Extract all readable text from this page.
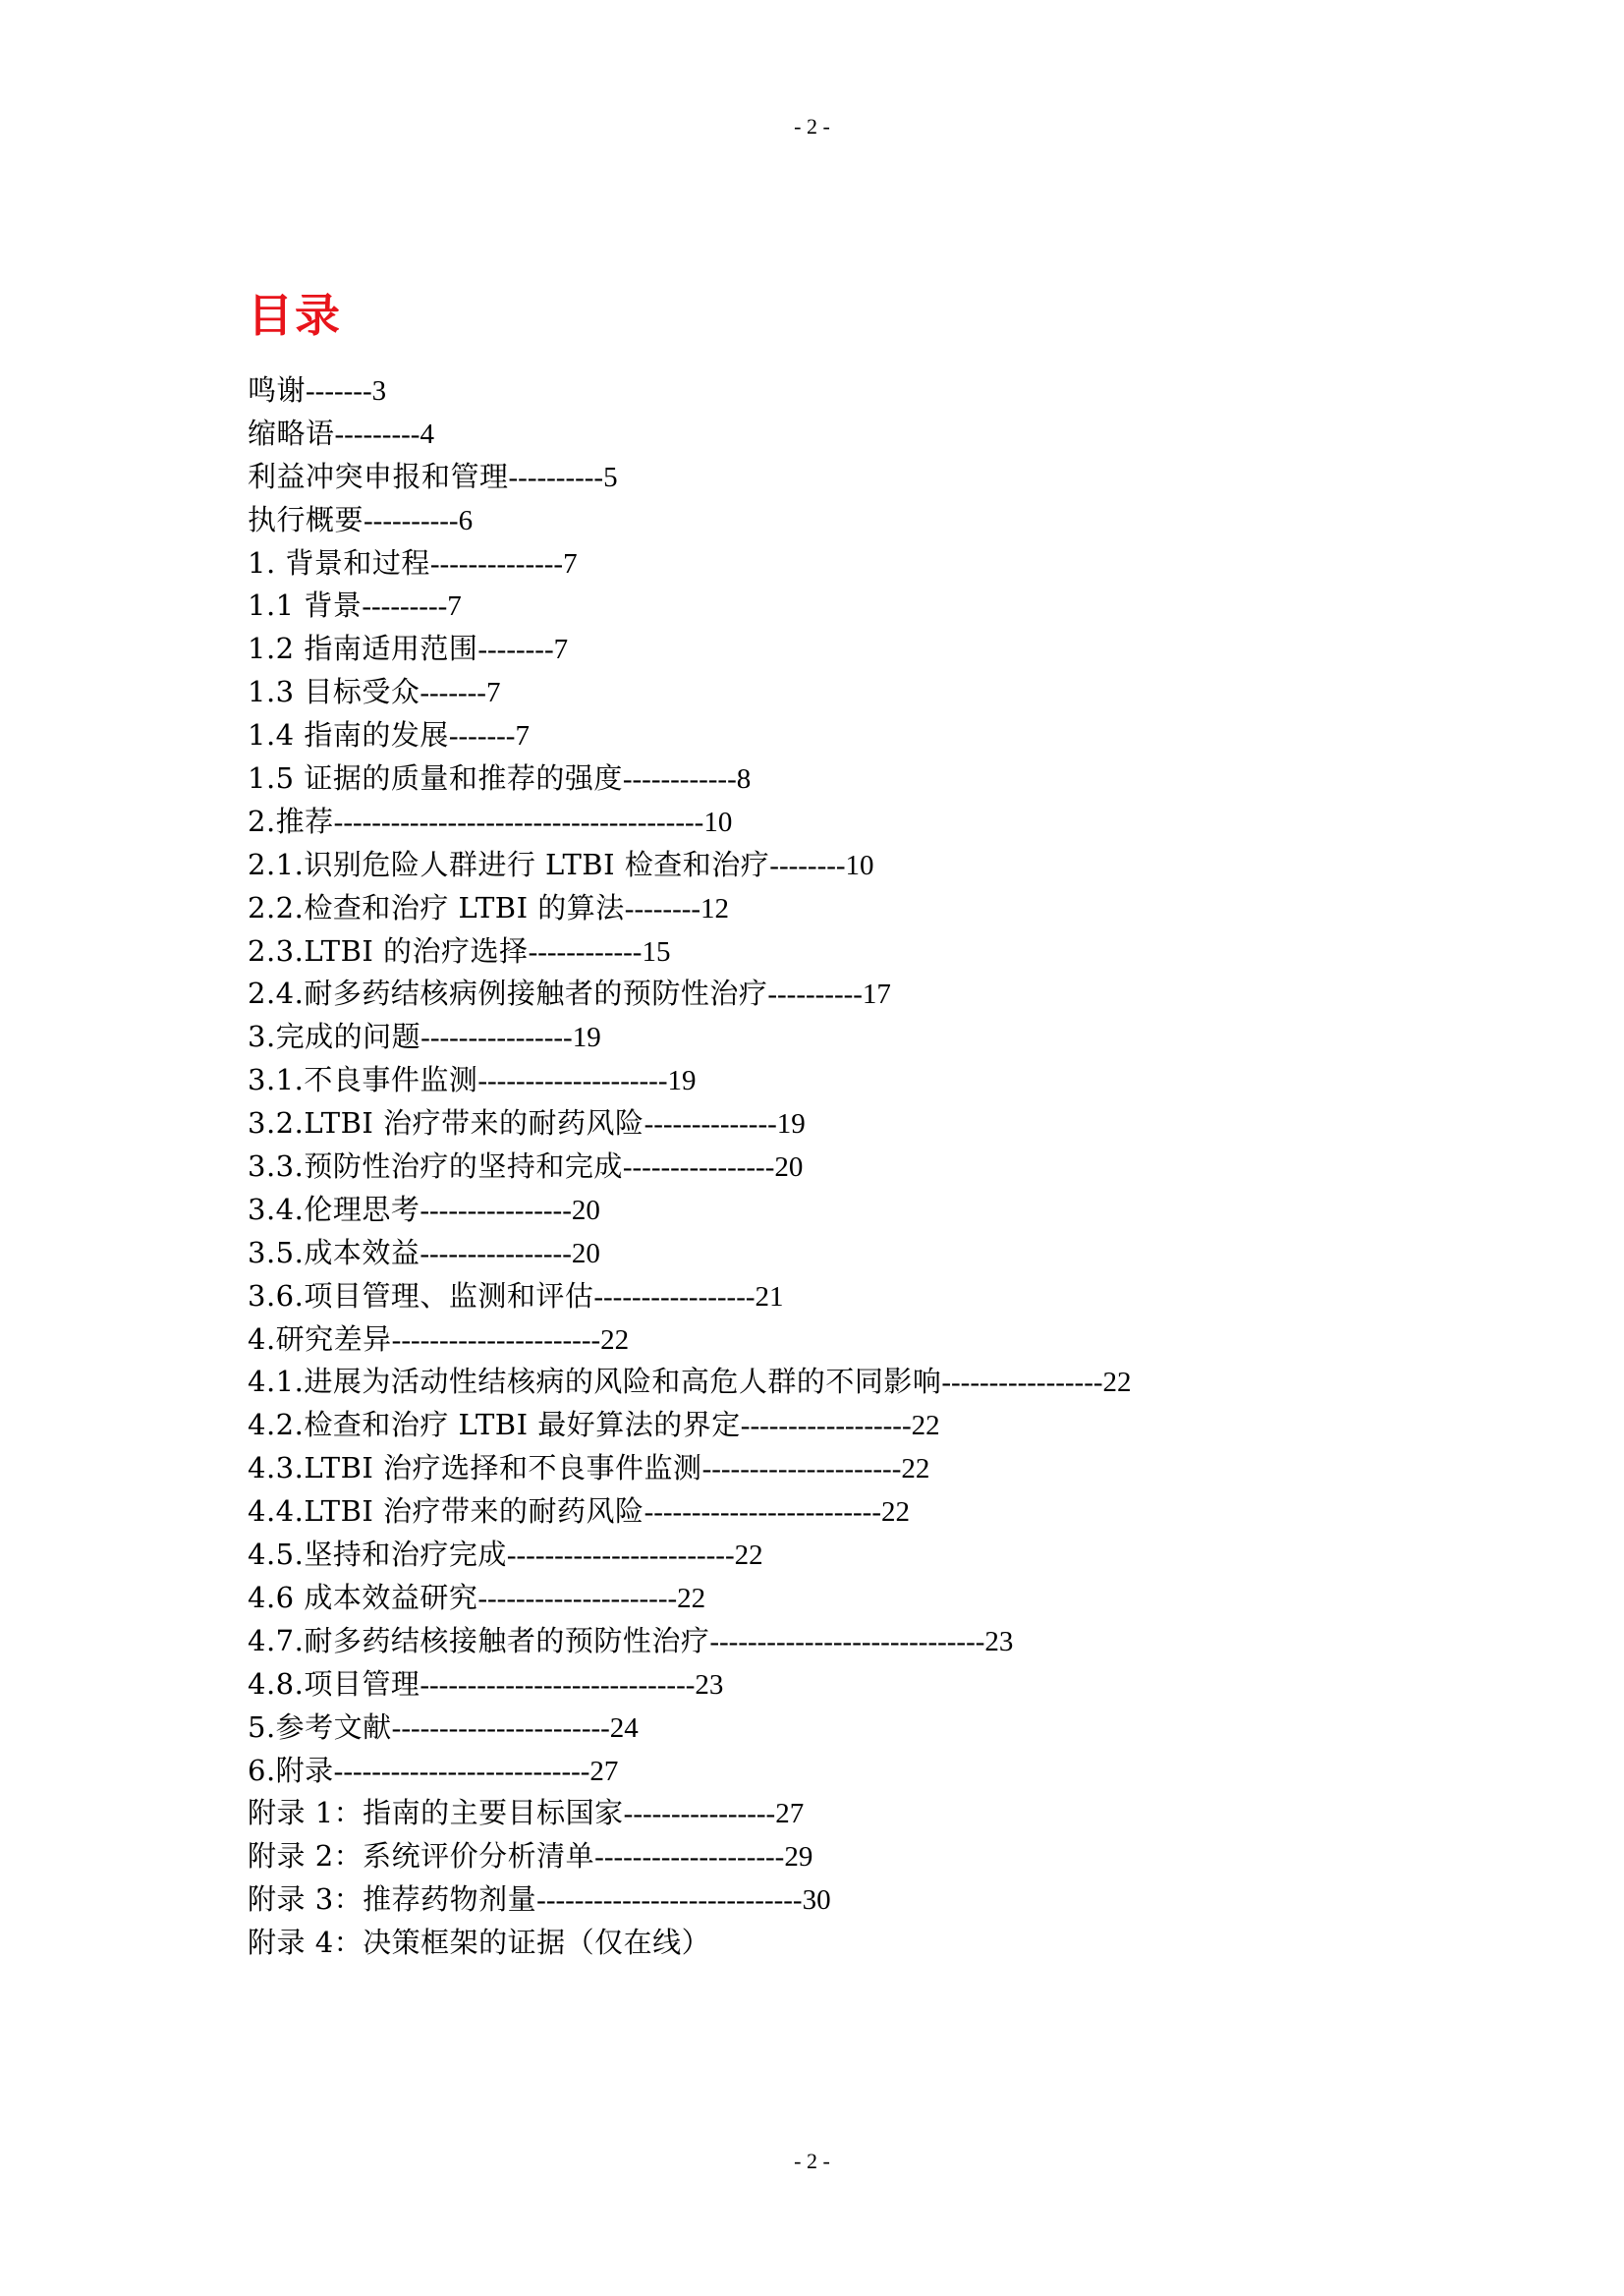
- 2 -
目录
鸣谢-------3
缩略语---------4
利益冲突申报和管理----------5
执行概要----------6
1. 背景和过程--------------7
1.1 背景---------7
1.2 指南适用范围--------7
1.3 目标受众-------7
1.4 指南的发展-------7
1.5 证据的质量和推荐的强度------------8
2.推荐---------------------------------------10
2.1.识别危险人群进行 LTBI 检查和治疗--------10
2.2.检查和治疗 LTBI 的算法--------12
2.3.LTBI 的治疗选择------------15
2.4.耐多药结核病例接触者的预防性治疗----------17
3.完成的问题----------------19
3.1.不良事件监测--------------------19
3.2.LTBI 治疗带来的耐药风险--------------19
3.3.预防性治疗的坚持和完成----------------20
3.4.伦理思考----------------20
3.5.成本效益----------------20
3.6.项目管理、监测和评估-----------------21
4.研究差异----------------------22
4.1.进展为活动性结核病的风险和高危人群的不同影响-----------------22
4.2.检查和治疗 LTBI 最好算法的界定------------------22
4.3.LTBI 治疗选择和不良事件监测---------------------22
4.4.LTBI 治疗带来的耐药风险-------------------------22
4.5.坚持和治疗完成------------------------22
4.6 成本效益研究---------------------22
4.7.耐多药结核接触者的预防性治疗-----------------------------23
4.8.项目管理-----------------------------23
5.参考文献-----------------------24
6.附录---------------------------27
附录 1：指南的主要目标国家----------------27
附录 2：系统评价分析清单--------------------29
附录 3：推荐药物剂量----------------------------30
附录 4：决策框架的证据（仅在线）
- 2 -
